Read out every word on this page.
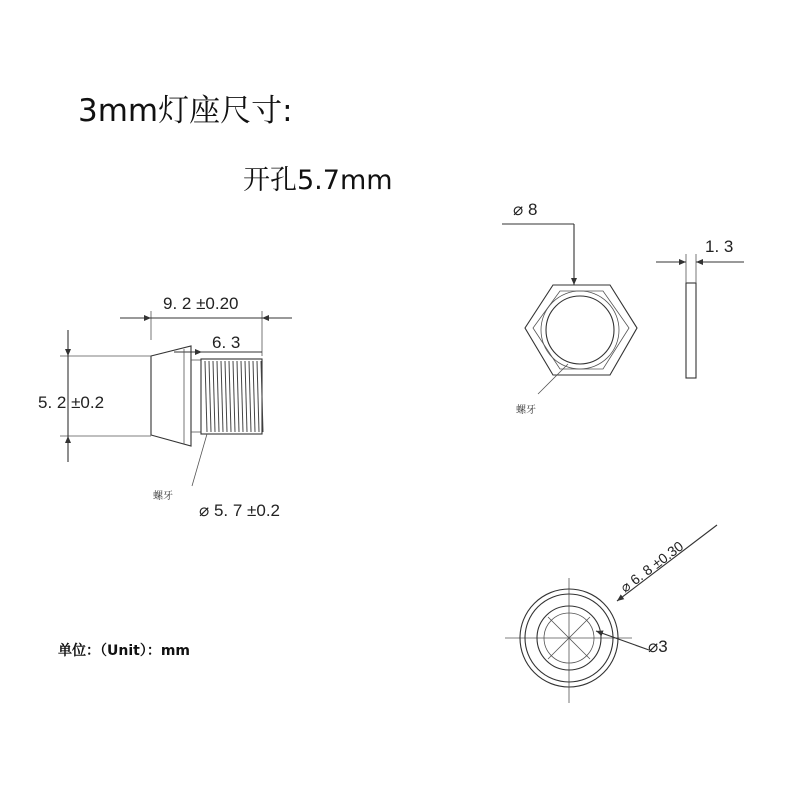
3mm灯座尺寸:
开孔5.7mm
9. 2 ±0.20
6. 3
5. 2 ±0.2
螺牙
⌀ 5. 7 ±0.2
⌀ 8
螺牙
1. 3
⌀ 6. 8 ±0.30
⌀3
单位：（Unit）：mm
